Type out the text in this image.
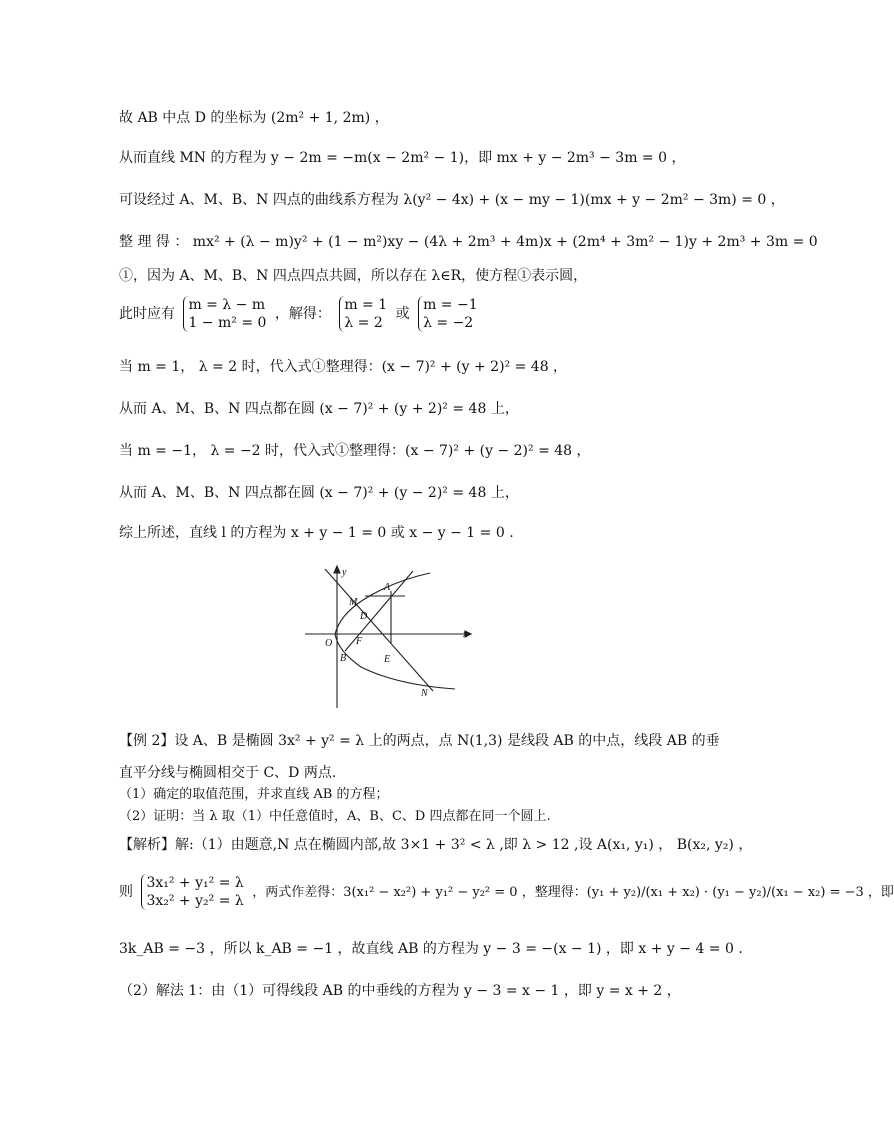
故 AB 中点 D 的坐标为 (2m² + 1, 2m) ，
从而直线 MN 的方程为 y − 2m = −m(x − 2m² − 1)，即 mx + y − 2m³ − 3m = 0 ，
可设经过 A、M、B、N 四点的曲线系方程为 λ(y² − 4x) + (x − my − 1)(mx + y − 2m² − 3m) = 0 ，
整 理 得 ： mx² + (λ − m)y² + (1 − m²)xy − (4λ + 2m³ + 4m)x + (2m⁴ + 3m² − 1)y + 2m³ + 3m = 0
①，因为 A、M、B、N 四点四点共圆，所以存在 λ∈R，使方程①表示圆，
此时应有 m = λ − m
1 − m² = 0 ，解得： m = 1
λ = 2 或 m = −1
λ = −2
当 m = 1， λ = 2 时，代入式①整理得：(x − 7)² + (y + 2)² = 48 ，
从而 A、M、B、N 四点都在圆 (x − 7)² + (y + 2)² = 48 上，
当 m = −1， λ = −2 时，代入式①整理得：(x − 7)² + (y − 2)² = 48 ，
从而 A、M、B、N 四点都在圆 (x − 7)² + (y − 2)² = 48 上，
综上所述，直线 l 的方程为 x + y − 1 = 0 或 x − y − 1 = 0 .
y
x
O
M
A
D
F
B	E
N
【例 2】设 A、B 是椭圆 3x² + y² = λ 上的两点，点 N(1,3) 是线段 AB 的中点，线段 AB 的垂
直平分线与椭圆相交于 C、D 两点.
（1）确定的取值范围，并求直线 AB 的方程；
（2）证明：当 λ 取（1）中任意值时，A、B、C、D 四点都在同一个圆上.
【解析】解:（1）由题意,N 点在椭圆内部,故 3×1 + 3² < λ ,即 λ > 12 ,设 A(x₁, y₁) ， B(x₂, y₂) ，
则 3x₁² + y₁² = λ
3x₂² + y₂² = λ ，两式作差得：3(x₁² − x₂²) + y₁² − y₂² = 0 ，整理得：(y₁ + y₂)/(x₁ + x₂) · (y₁ − y₂)/(x₁ − x₂) = −3 ，即
3k_AB = −3 ，所以 k_AB = −1 ，故直线 AB 的方程为 y − 3 = −(x − 1) ，即 x + y − 4 = 0 .
（2）解法 1：由（1）可得线段 AB 的中垂线的方程为 y − 3 = x − 1 ，即 y = x + 2 ，
